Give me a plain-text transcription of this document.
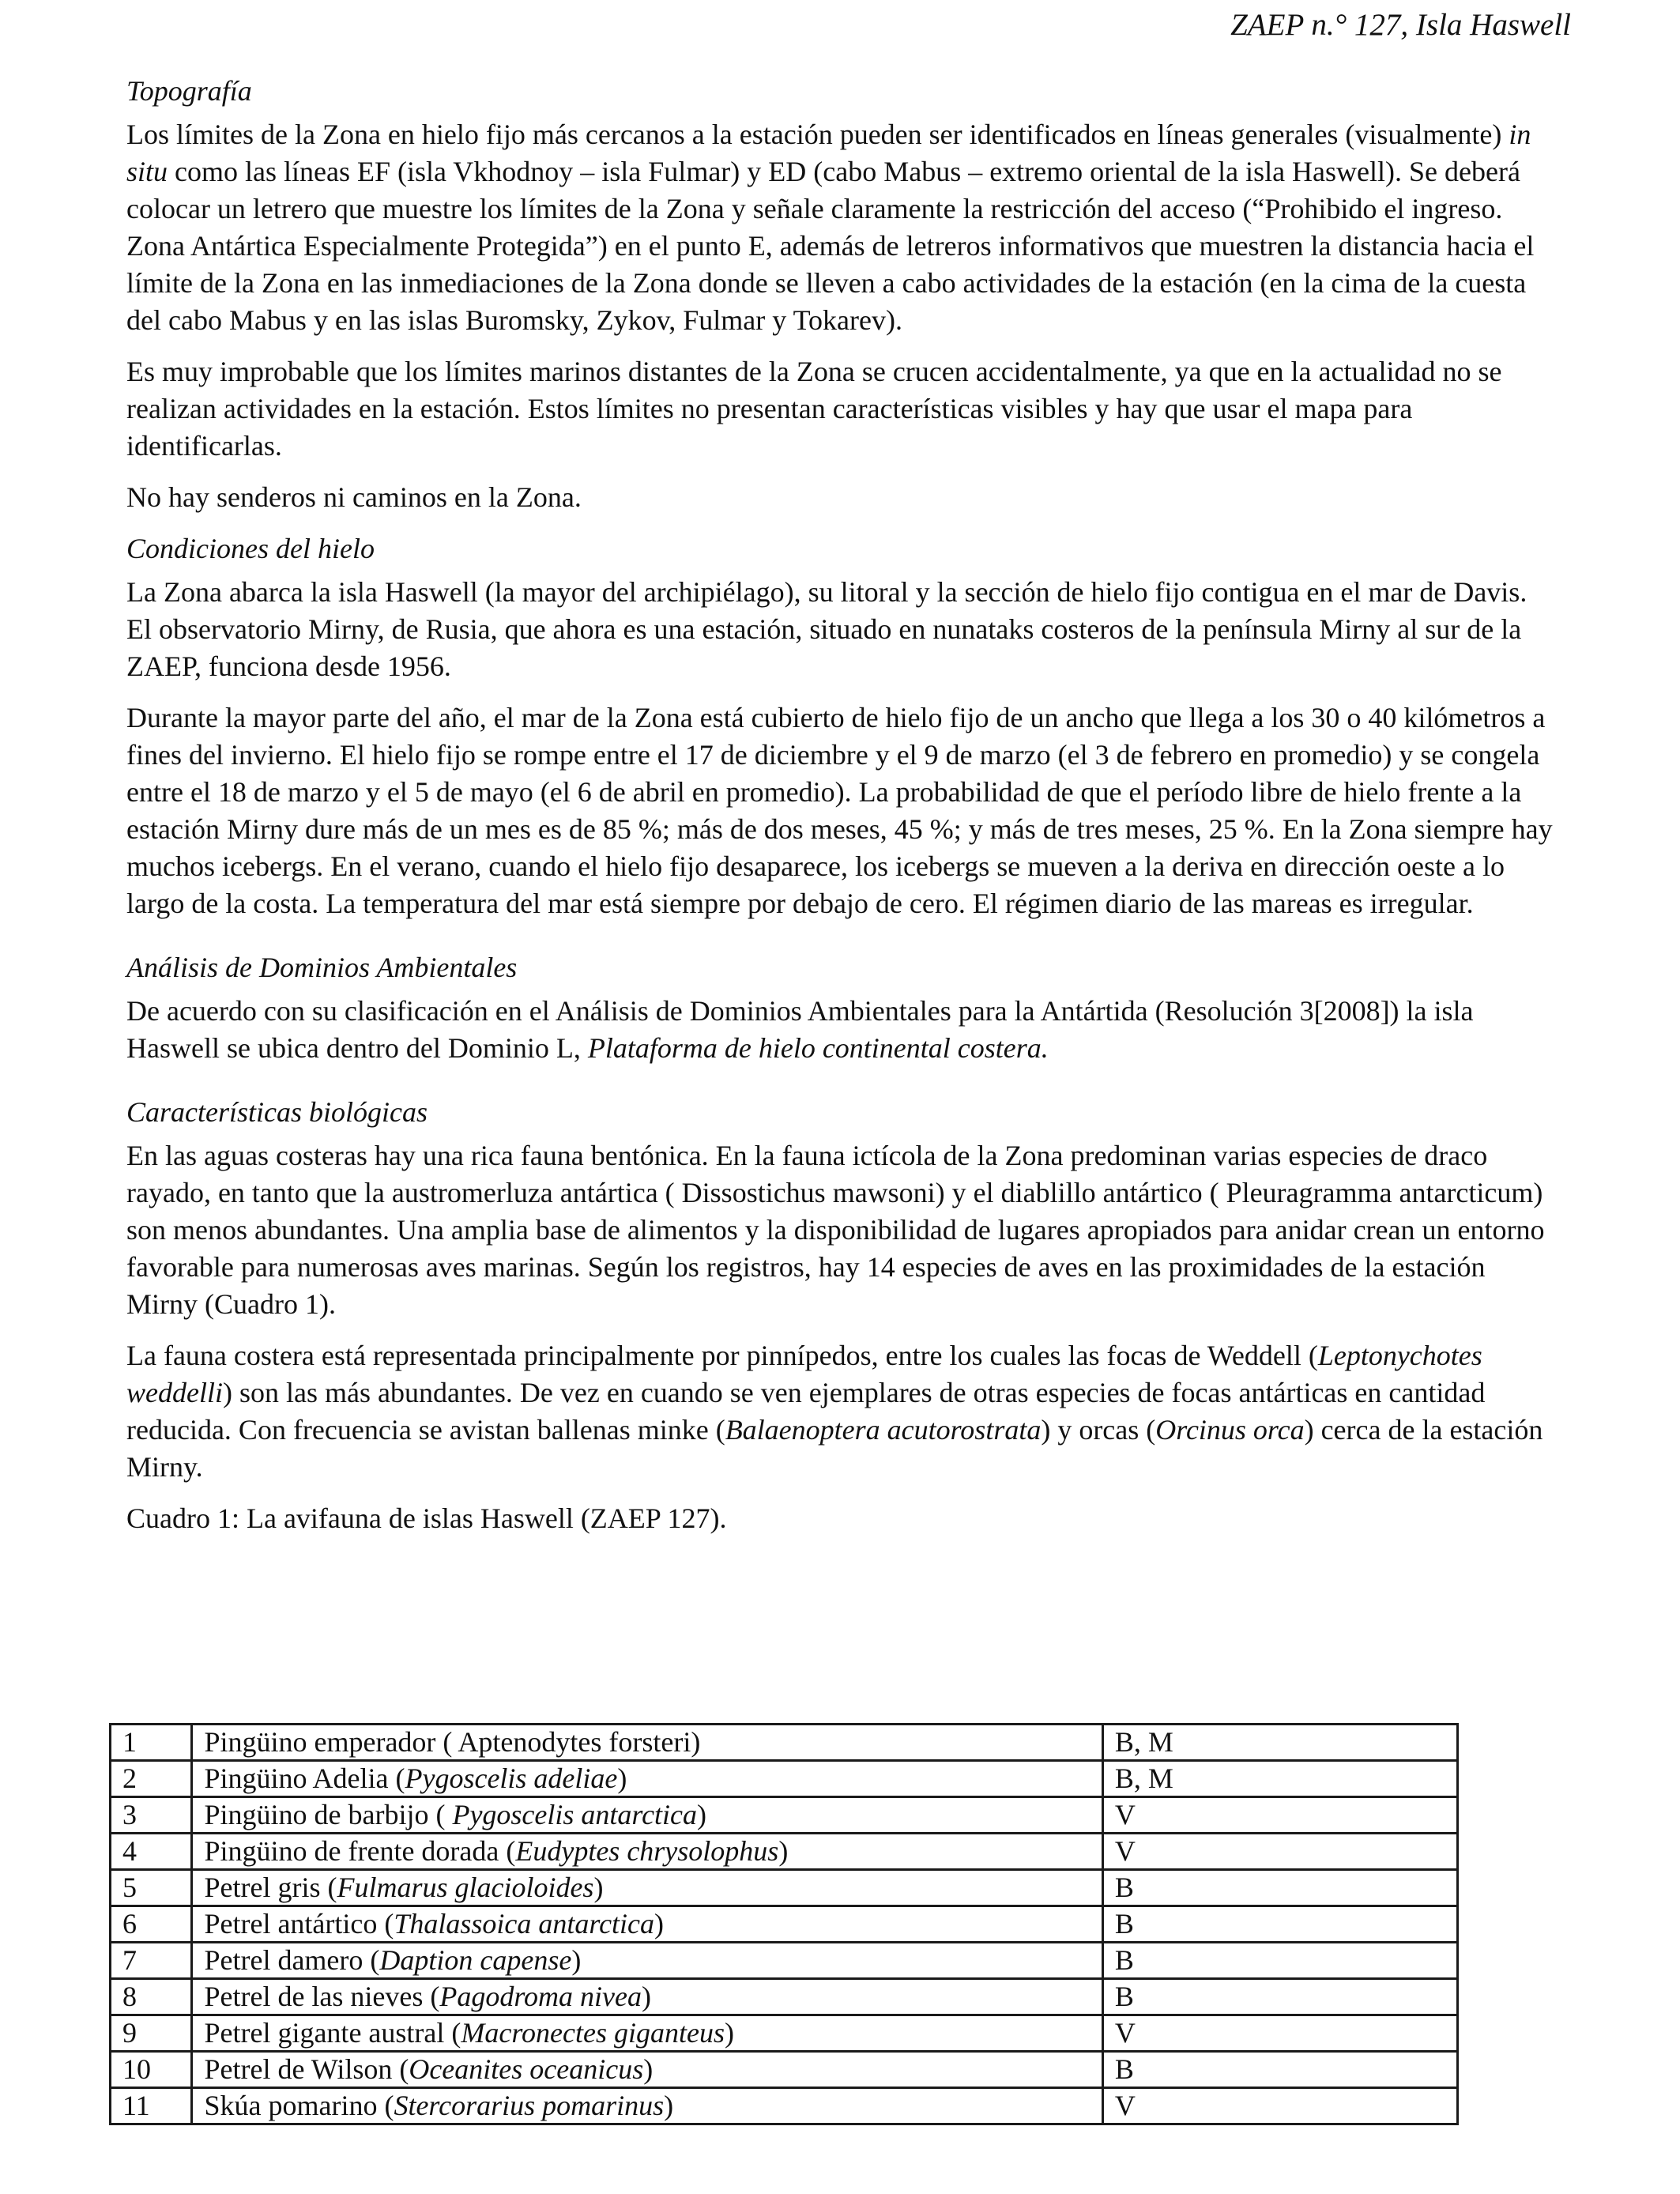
ZAEP n.° 127, Isla Haswell
Topografía

Los límites de la Zona en hielo fijo más cercanos a la estación pueden ser identificados en líneas generales (visualmente) in situ como las líneas EF (isla Vkhodnoy – isla Fulmar) y ED (cabo Mabus – extremo oriental de la isla Haswell). Se deberá colocar un letrero que muestre los límites de la Zona y señale claramente la restricción del acceso (“Prohibido el ingreso. Zona Antártica Especialmente Protegida”) en el punto E, además de letreros informativos que muestren la distancia hacia el límite de la Zona en las inmediaciones de la Zona donde se lleven a cabo actividades de la estación (en la cima de la cuesta del cabo Mabus y en las islas Buromsky, Zykov, Fulmar y Tokarev).

Es muy improbable que los límites marinos distantes de la Zona se crucen accidentalmente, ya que en la actualidad no se realizan actividades en la estación. Estos límites no presentan características visibles y hay que usar el mapa para identificarlas.

No hay senderos ni caminos en la Zona.

Condiciones del hielo

La Zona abarca la isla Haswell (la mayor del archipiélago), su litoral y la sección de hielo fijo contigua en el mar de Davis. El observatorio Mirny, de Rusia, que ahora es una estación, situado en nunataks costeros de la península Mirny al sur de la ZAEP, funciona desde 1956.

Durante la mayor parte del año, el mar de la Zona está cubierto de hielo fijo de un ancho que llega a los 30 o 40 kilómetros a fines del invierno. El hielo fijo se rompe entre el 17 de diciembre y el 9 de marzo (el 3 de febrero en promedio) y se congela entre el 18 de marzo y el 5 de mayo (el 6 de abril en promedio). La probabilidad de que el período libre de hielo frente a la estación Mirny dure más de un mes es de 85 %; más de dos meses, 45 %; y más de tres meses, 25 %. En la Zona siempre hay muchos icebergs. En el verano, cuando el hielo fijo desaparece, los icebergs se mueven a la deriva en dirección oeste a lo largo de la costa. La temperatura del mar está siempre por debajo de cero. El régimen diario de las mareas es irregular.

Análisis de Dominios Ambientales

De acuerdo con su clasificación en el Análisis de Dominios Ambientales para la Antártida (Resolución 3[2008]) la isla Haswell se ubica dentro del Dominio L, Plataforma de hielo continental costera.

Características biológicas

En las aguas costeras hay una rica fauna bentónica. En la fauna ictícola de la Zona predominan varias especies de draco rayado, en tanto que la austromerluza antártica ( Dissostichus mawsoni) y el diablillo antártico ( Pleuragramma antarcticum) son menos abundantes. Una amplia base de alimentos y la disponibilidad de lugares apropiados para anidar crean un entorno favorable para numerosas aves marinas. Según los registros, hay 14 especies de aves en las proximidades de la estación Mirny (Cuadro 1).

La fauna costera está representada principalmente por pinnípedos, entre los cuales las focas de Weddell (Leptonychotes weddelli) son las más abundantes. De vez en cuando se ven ejemplares de otras especies de focas antárticas en cantidad reducida. Con frecuencia se avistan ballenas minke (Balaenoptera acutorostrata) y orcas (Orcinus orca) cerca de la estación Mirny.

Cuadro 1: La avifauna de islas Haswell (ZAEP 127).

1	Pingüino emperador ( Aptenodytes forsteri)	B, M
2	Pingüino Adelia (Pygoscelis adeliae)	B, M
3	Pingüino de barbijo ( Pygoscelis antarctica)	V
4	Pingüino de frente dorada (Eudyptes chrysolophus)	V
5	Petrel gris (Fulmarus glacioloides)	B
6	Petrel antártico (Thalassoica antarctica)	B
7	Petrel damero (Daption capense)	B
8	Petrel de las nieves (Pagodroma nivea)	B
9	Petrel gigante austral (Macronectes giganteus)	V
10	Petrel de Wilson (Oceanites oceanicus)	B
11	Skúa pomarino (Stercorarius pomarinus)	V
